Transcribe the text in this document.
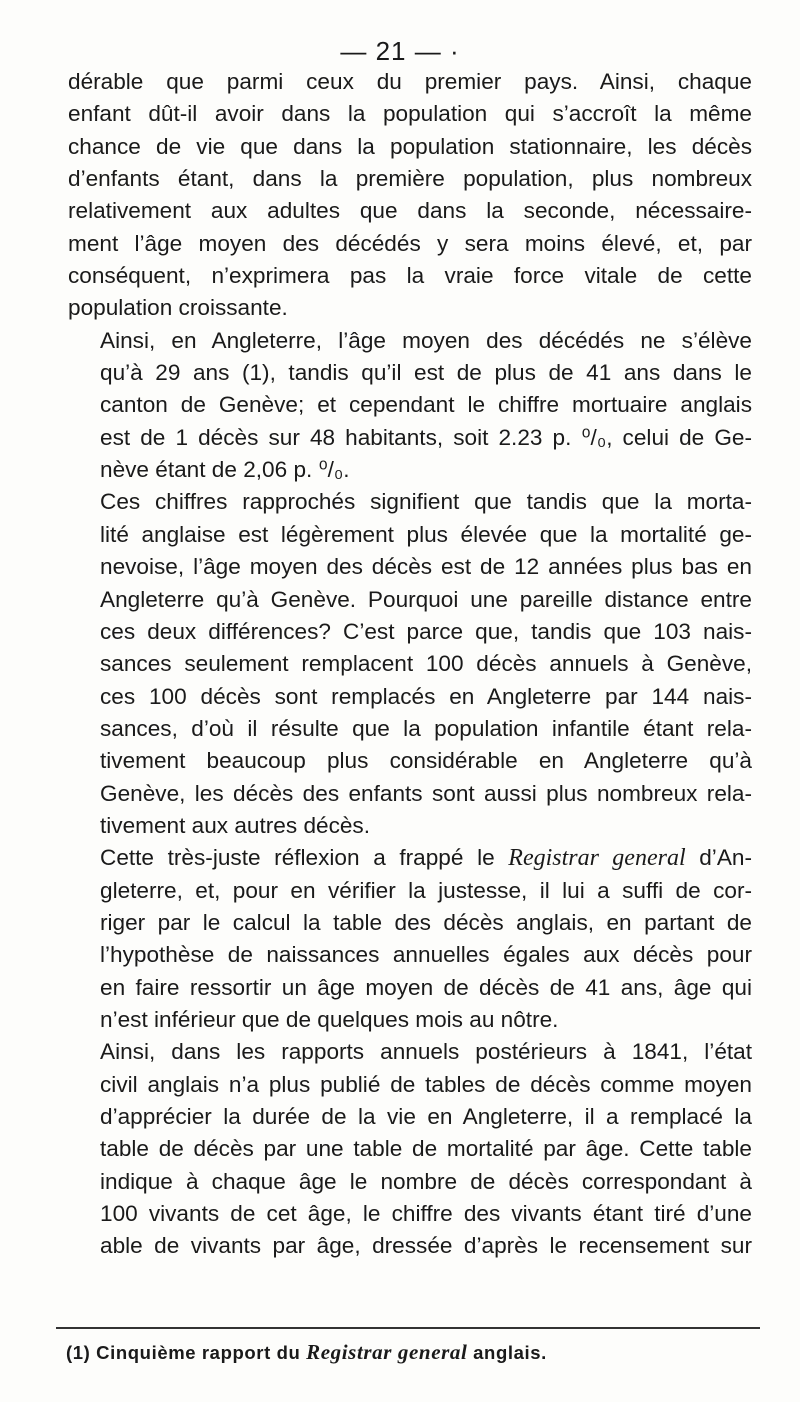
— 21 — ·

dérable que parmi ceux du premier pays. Ainsi, chaque
enfant dût-il avoir dans la population qui s’accroît la même
chance de vie que dans la population stationnaire, les décès
d’enfants étant, dans la première population, plus nombreux
relativement aux adultes que dans la seconde, nécessaire-
ment l’âge moyen des décédés y sera moins élevé, et, par
conséquent, n’exprimera pas la vraie force vitale de cette
population croissante.

Ainsi, en Angleterre, l’âge moyen des décédés ne s’élève
qu’à 29 ans (1), tandis qu’il est de plus de 41 ans dans le
canton de Genève; et cependant le chiffre mortuaire anglais
est de 1 décès sur 48 habitants, soit 2.23 p. ⁰/₀, celui de Ge-
nève étant de 2,06 p. ⁰/₀.

Ces chiffres rapprochés signifient que tandis que la morta-
lité anglaise est légèrement plus élevée que la mortalité ge-
nevoise, l’âge moyen des décès est de 12 années plus bas en
Angleterre qu’à Genève. Pourquoi une pareille distance entre
ces deux différences? C’est parce que, tandis que 103 nais-
sances seulement remplacent 100 décès annuels à Genève,
ces 100 décès sont remplacés en Angleterre par 144 nais-
sances, d’où il résulte que la population infantile étant rela-
tivement beaucoup plus considérable en Angleterre qu’à
Genève, les décès des enfants sont aussi plus nombreux rela-
tivement aux autres décès.

Cette très-juste réflexion a frappé le Registrar general d’An-
gleterre, et, pour en vérifier la justesse, il lui a suffi de cor-
riger par le calcul la table des décès anglais, en partant de
l’hypothèse de naissances annuelles égales aux décès pour
en faire ressortir un âge moyen de décès de 41 ans, âge qui
n’est inférieur que de quelques mois au nôtre.

Ainsi, dans les rapports annuels postérieurs à 1841, l’état
civil anglais n’a plus publié de tables de décès comme moyen
d’apprécier la durée de la vie en Angleterre, il a remplacé la
table de décès par une table de mortalité par âge. Cette table
indique à chaque âge le nombre de décès correspondant à
100 vivants de cet âge, le chiffre des vivants étant tiré d’une
able de vivants par âge, dressée d’après le recensement sur

(1) Cinquième rapport du Registrar general anglais.
